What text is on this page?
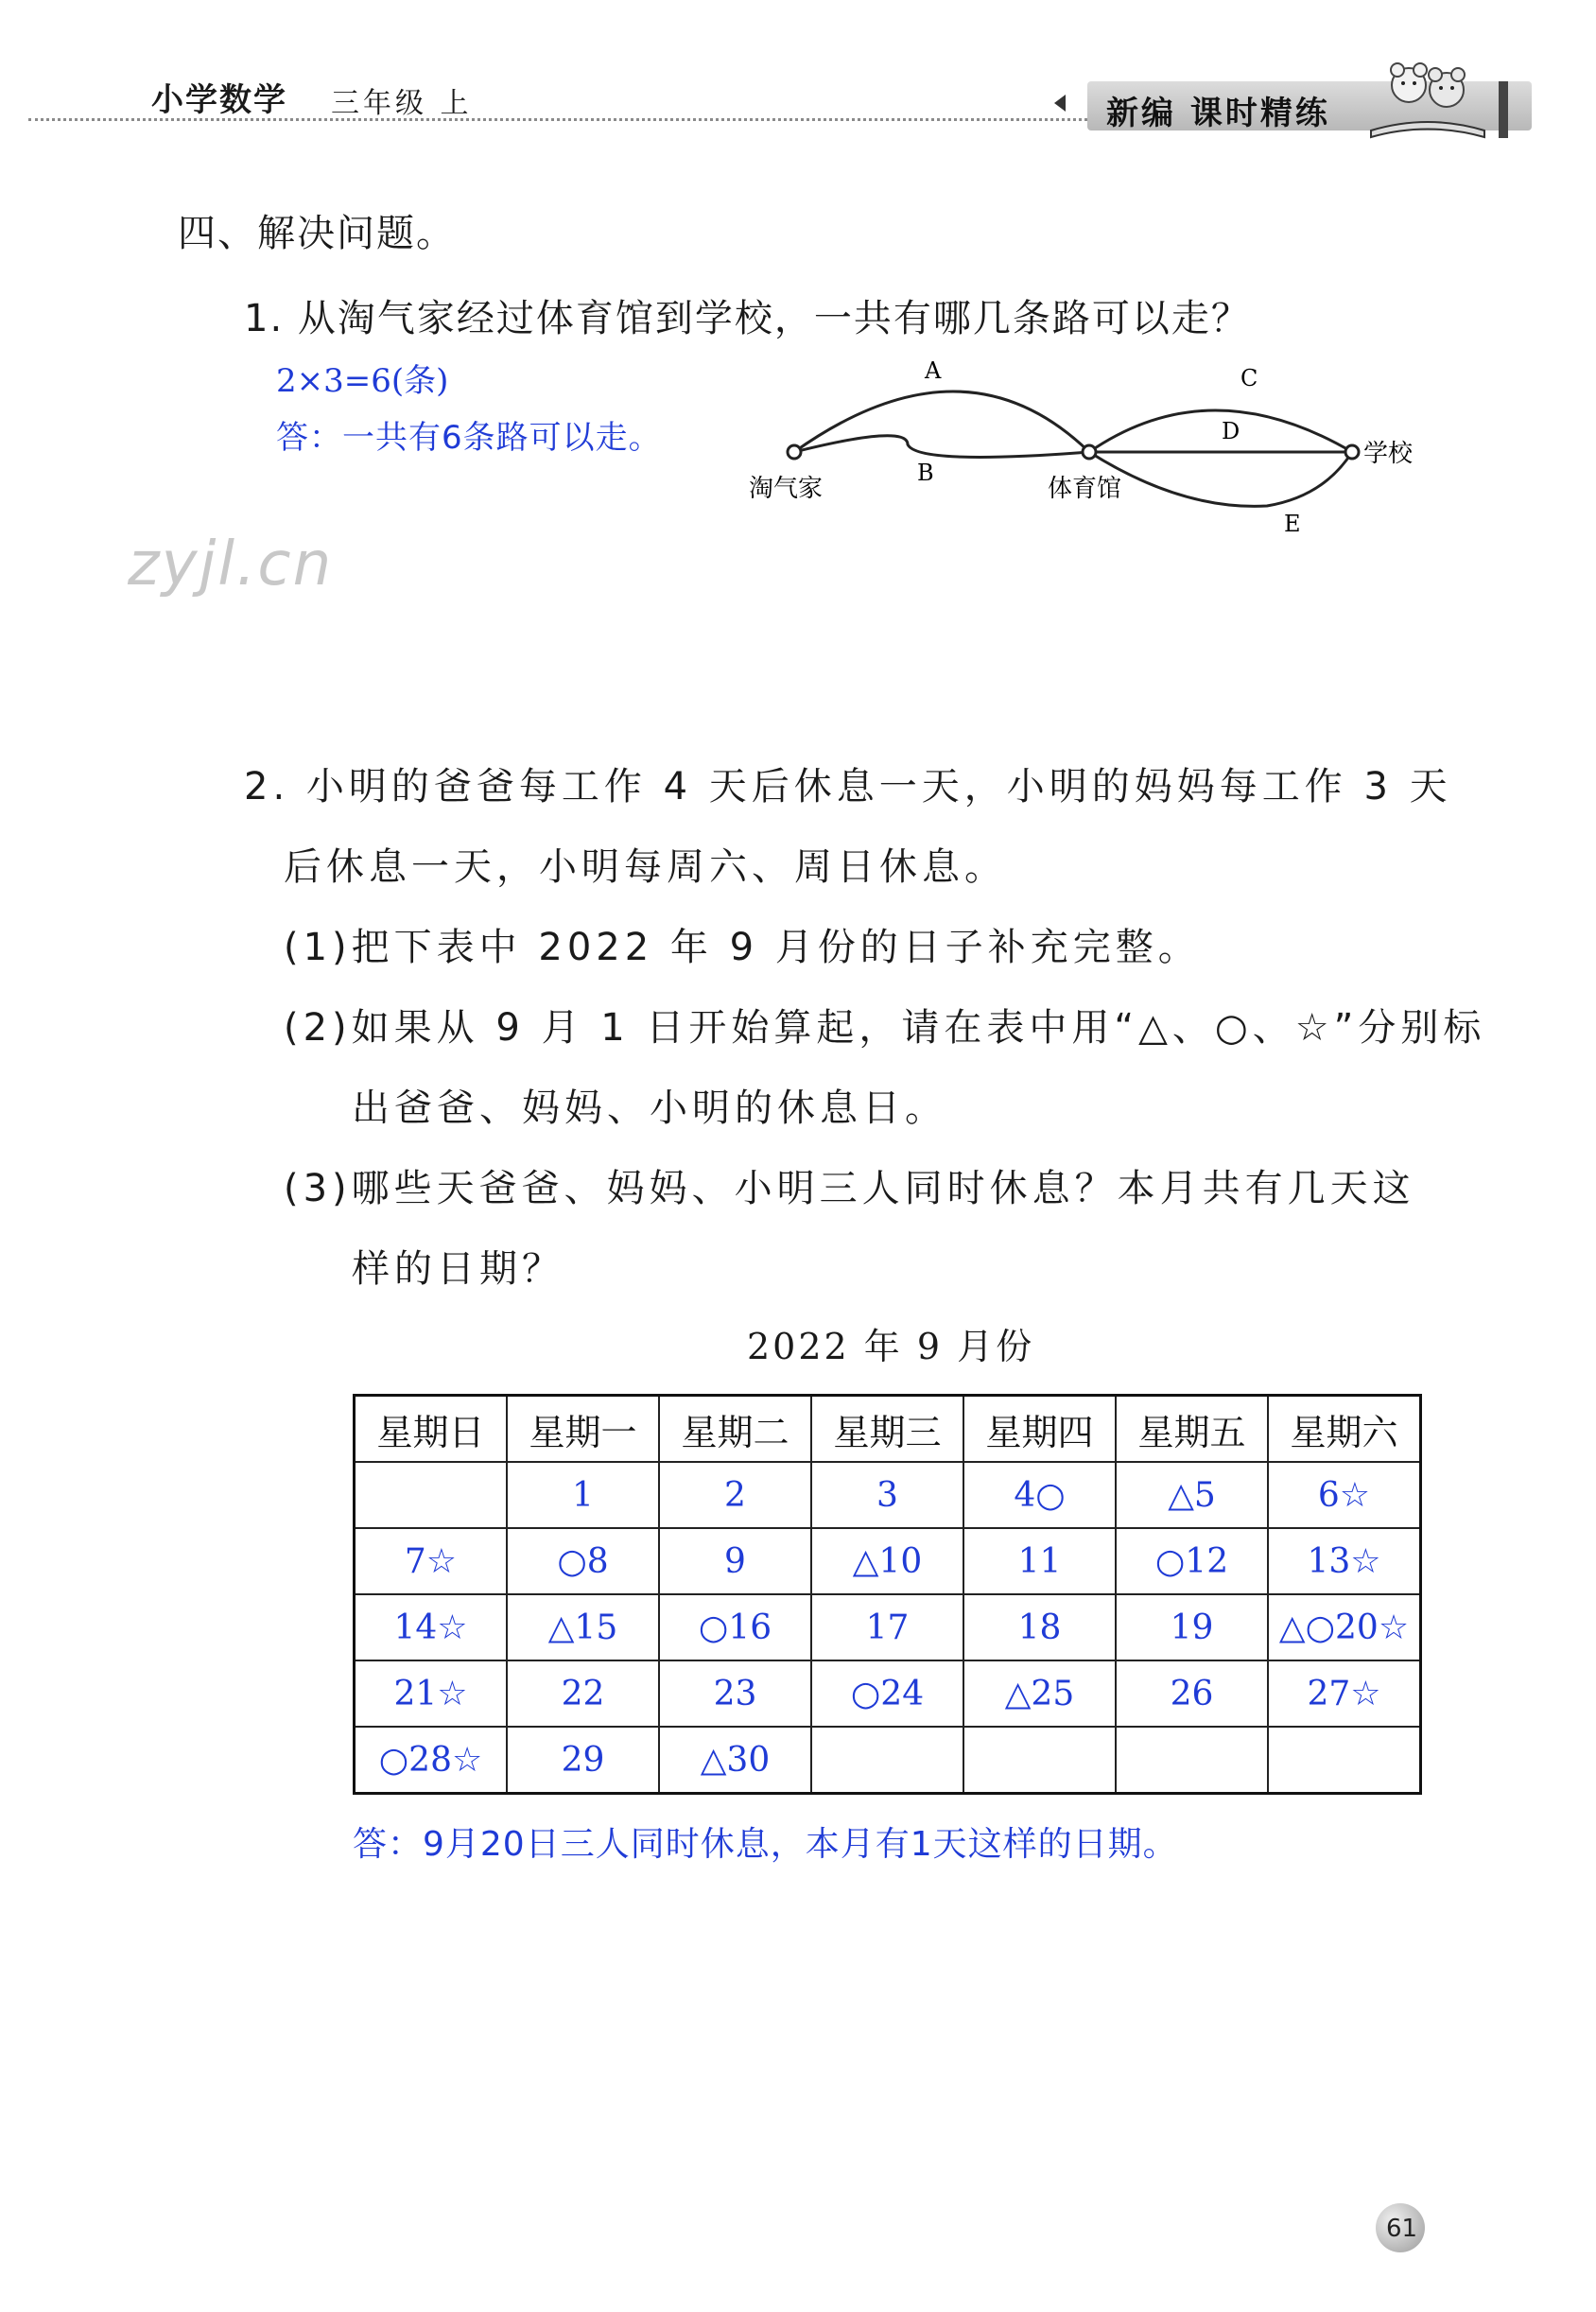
小学数学 三年级 上	新编 课时精练
四、解决问题。
1. 从淘气家经过体育馆到学校，一共有哪几条路可以走？
2×3=6(条)
答：一共有6条路可以走。
A
B
C
D
E
淘气家	体育馆
学校
zyjl.cn
2. 小明的爸爸每工作 4 天后休息一天，小明的妈妈每工作 3 天
后休息一天，小明每周六、周日休息。
(1)把下表中 2022 年 9 月份的日子补充完整。
(2)如果从 9 月 1 日开始算起，请在表中用“△、○、☆”分别标
出爸爸、妈妈、小明的休息日。
(3)哪些天爸爸、妈妈、小明三人同时休息？本月共有几天这
样的日期？
2022 年 9 月份
星期日	星期一	星期二	星期三	星期四	星期五	星期六
	1	2	3	4○	△5	6☆
7☆	○8	9	△10	11	○12	13☆
14☆	△15	○16	17	18	19	△○20☆
21☆	22	23	○24	△25	26	27☆
○28☆	29	△30				
答：9月20日三人同时休息，本月有1天这样的日期。
61
